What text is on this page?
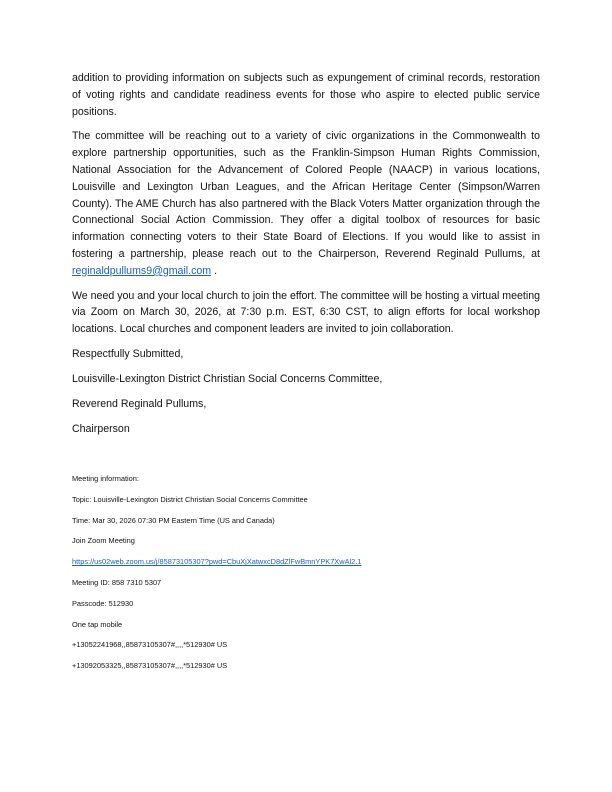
addition to providing information on subjects such as expungement of criminal records, restoration of voting rights and candidate readiness events for those who aspire to elected public service positions.

The committee will be reaching out to a variety of civic organizations in the Commonwealth to explore partnership opportunities, such as the Franklin-Simpson Human Rights Commission, National Association for the Advancement of Colored People (NAACP) in various locations, Louisville and Lexington Urban Leagues, and the African Heritage Center (Simpson/Warren County). The AME Church has also partnered with the Black Voters Matter organization through the Connectional Social Action Commission. They offer a digital toolbox of resources for basic information connecting voters to their State Board of Elections. If you would like to assist in fostering a partnership, please reach out to the Chairperson, Reverend Reginald Pullums, at reginaldpullums9@gmail.com .

We need you and your local church to join the effort. The committee will be hosting a virtual meeting via Zoom on March 30, 2026, at 7:30 p.m. EST, 6:30 CST, to align efforts for local workshop locations. Local churches and component leaders are invited to join collaboration.

Respectfully Submitted,
Louisville-Lexington District Christian Social Concerns Committee,
Reverend Reginald Pullums,
Chairperson
Meeting information:
Topic: Louisville-Lexington District Christian Social Concerns Committee
Time: Mar 30, 2026 07:30 PM Eastern Time (US and Canada)
Join Zoom Meeting
https://us02web.zoom.us/j/85873105307?pwd=CbuXjXatwxcD8dZlFwBmnYPK7XwAl2.1
Meeting ID: 858 7310 5307
Passcode: 512930
One tap mobile
+13052241968,,85873105307#,,,,*512930# US
+13092053325,,85873105307#,,,,*512930# US
